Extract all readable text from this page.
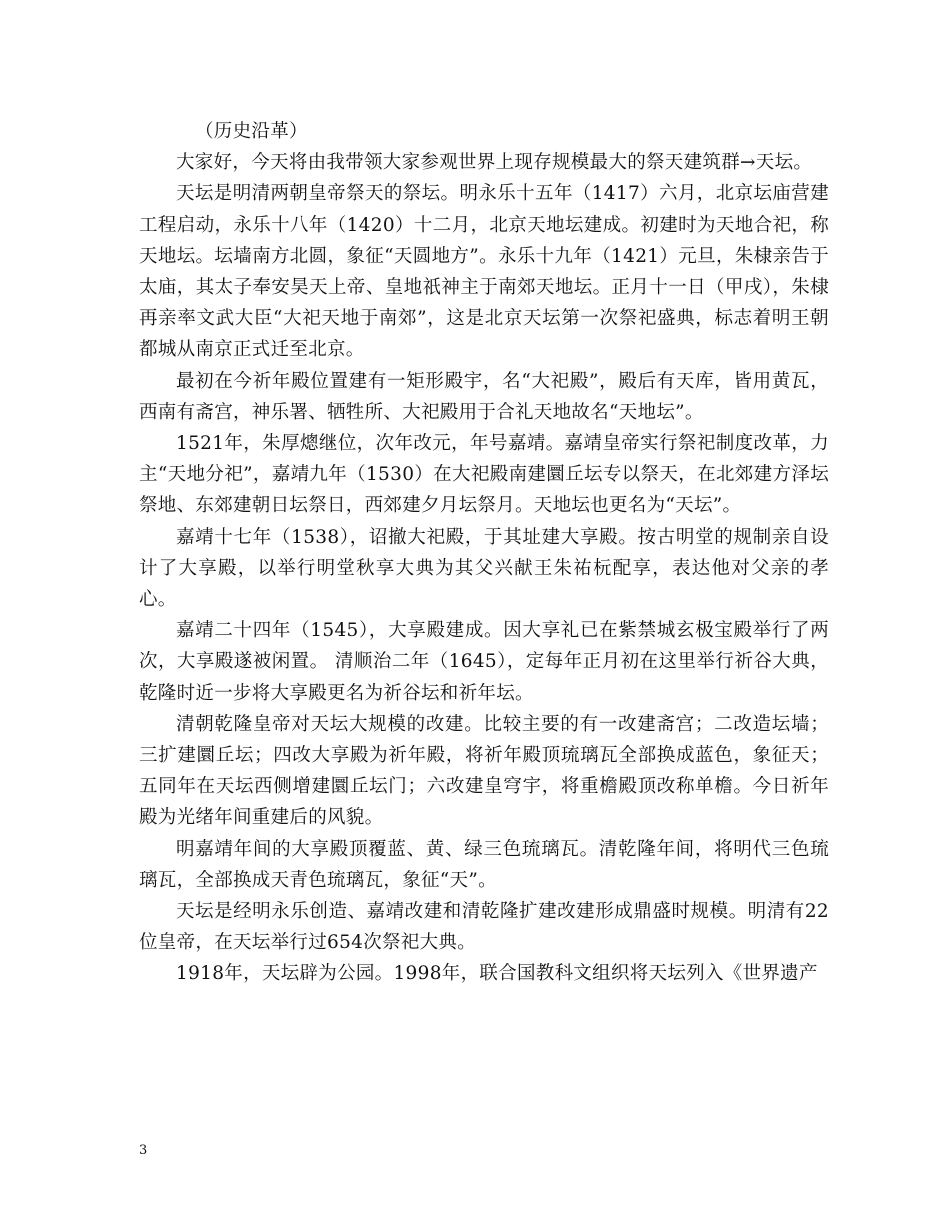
（历史沿革）

大家好，今天将由我带领大家参观世界上现存规模最大的祭天建筑群→天坛。

天坛是明清两朝皇帝祭天的祭坛。明永乐十五年（1417）六月，北京坛庙营建工程启动，永乐十八年（1420）十二月，北京天地坛建成。初建时为天地合祀，称天地坛。坛墙南方北圆，象征“天圆地方”。永乐十九年（1421）元旦，朱棣亲告于太庙，其太子奉安昊天上帝、皇地祇神主于南郊天地坛。正月十一日（甲戌），朱棣再亲率文武大臣“大祀天地于南郊”，这是北京天坛第一次祭祀盛典，标志着明王朝都城从南京正式迁至北京。

最初在今祈年殿位置建有一矩形殿宇，名“大祀殿”，殿后有天库，皆用黄瓦，西南有斋宫，神乐署、牺牲所、大祀殿用于合礼天地故名“天地坛”。

1521年，朱厚熜继位，次年改元，年号嘉靖。嘉靖皇帝实行祭祀制度改革，力主“天地分祀”，嘉靖九年（1530）在大祀殿南建圜丘坛专以祭天，在北郊建方泽坛祭地、东郊建朝日坛祭日，西郊建夕月坛祭月。天地坛也更名为“天坛”。

嘉靖十七年（1538），诏撤大祀殿，于其址建大享殿。按古明堂的规制亲自设计了大享殿，以举行明堂秋享大典为其父兴献王朱祐杬配享，表达他对父亲的孝心。

嘉靖二十四年（1545），大享殿建成。因大享礼已在紫禁城玄极宝殿举行了两次，大享殿遂被闲置。 清顺治二年（1645），定每年正月初在这里举行祈谷大典，乾隆时近一步将大享殿更名为祈谷坛和祈年坛。

清朝乾隆皇帝对天坛大规模的改建。比较主要的有一改建斋宫；二改造坛墙；三扩建圜丘坛；四改大享殿为祈年殿，将祈年殿顶琉璃瓦全部换成蓝色，象征天；五同年在天坛西侧增建圜丘坛门；六改建皇穹宇，将重檐殿顶改称单檐。今日祈年殿为光绪年间重建后的风貌。

明嘉靖年间的大享殿顶覆蓝、黄、绿三色琉璃瓦。清乾隆年间，将明代三色琉璃瓦，全部换成天青色琉璃瓦，象征“天”。

天坛是经明永乐创造、嘉靖改建和清乾隆扩建改建形成鼎盛时规模。明清有22位皇帝，在天坛举行过654次祭祀大典。

1918年，天坛辟为公园。1998年，联合国教科文组织将天坛列入《世界遗产

3
